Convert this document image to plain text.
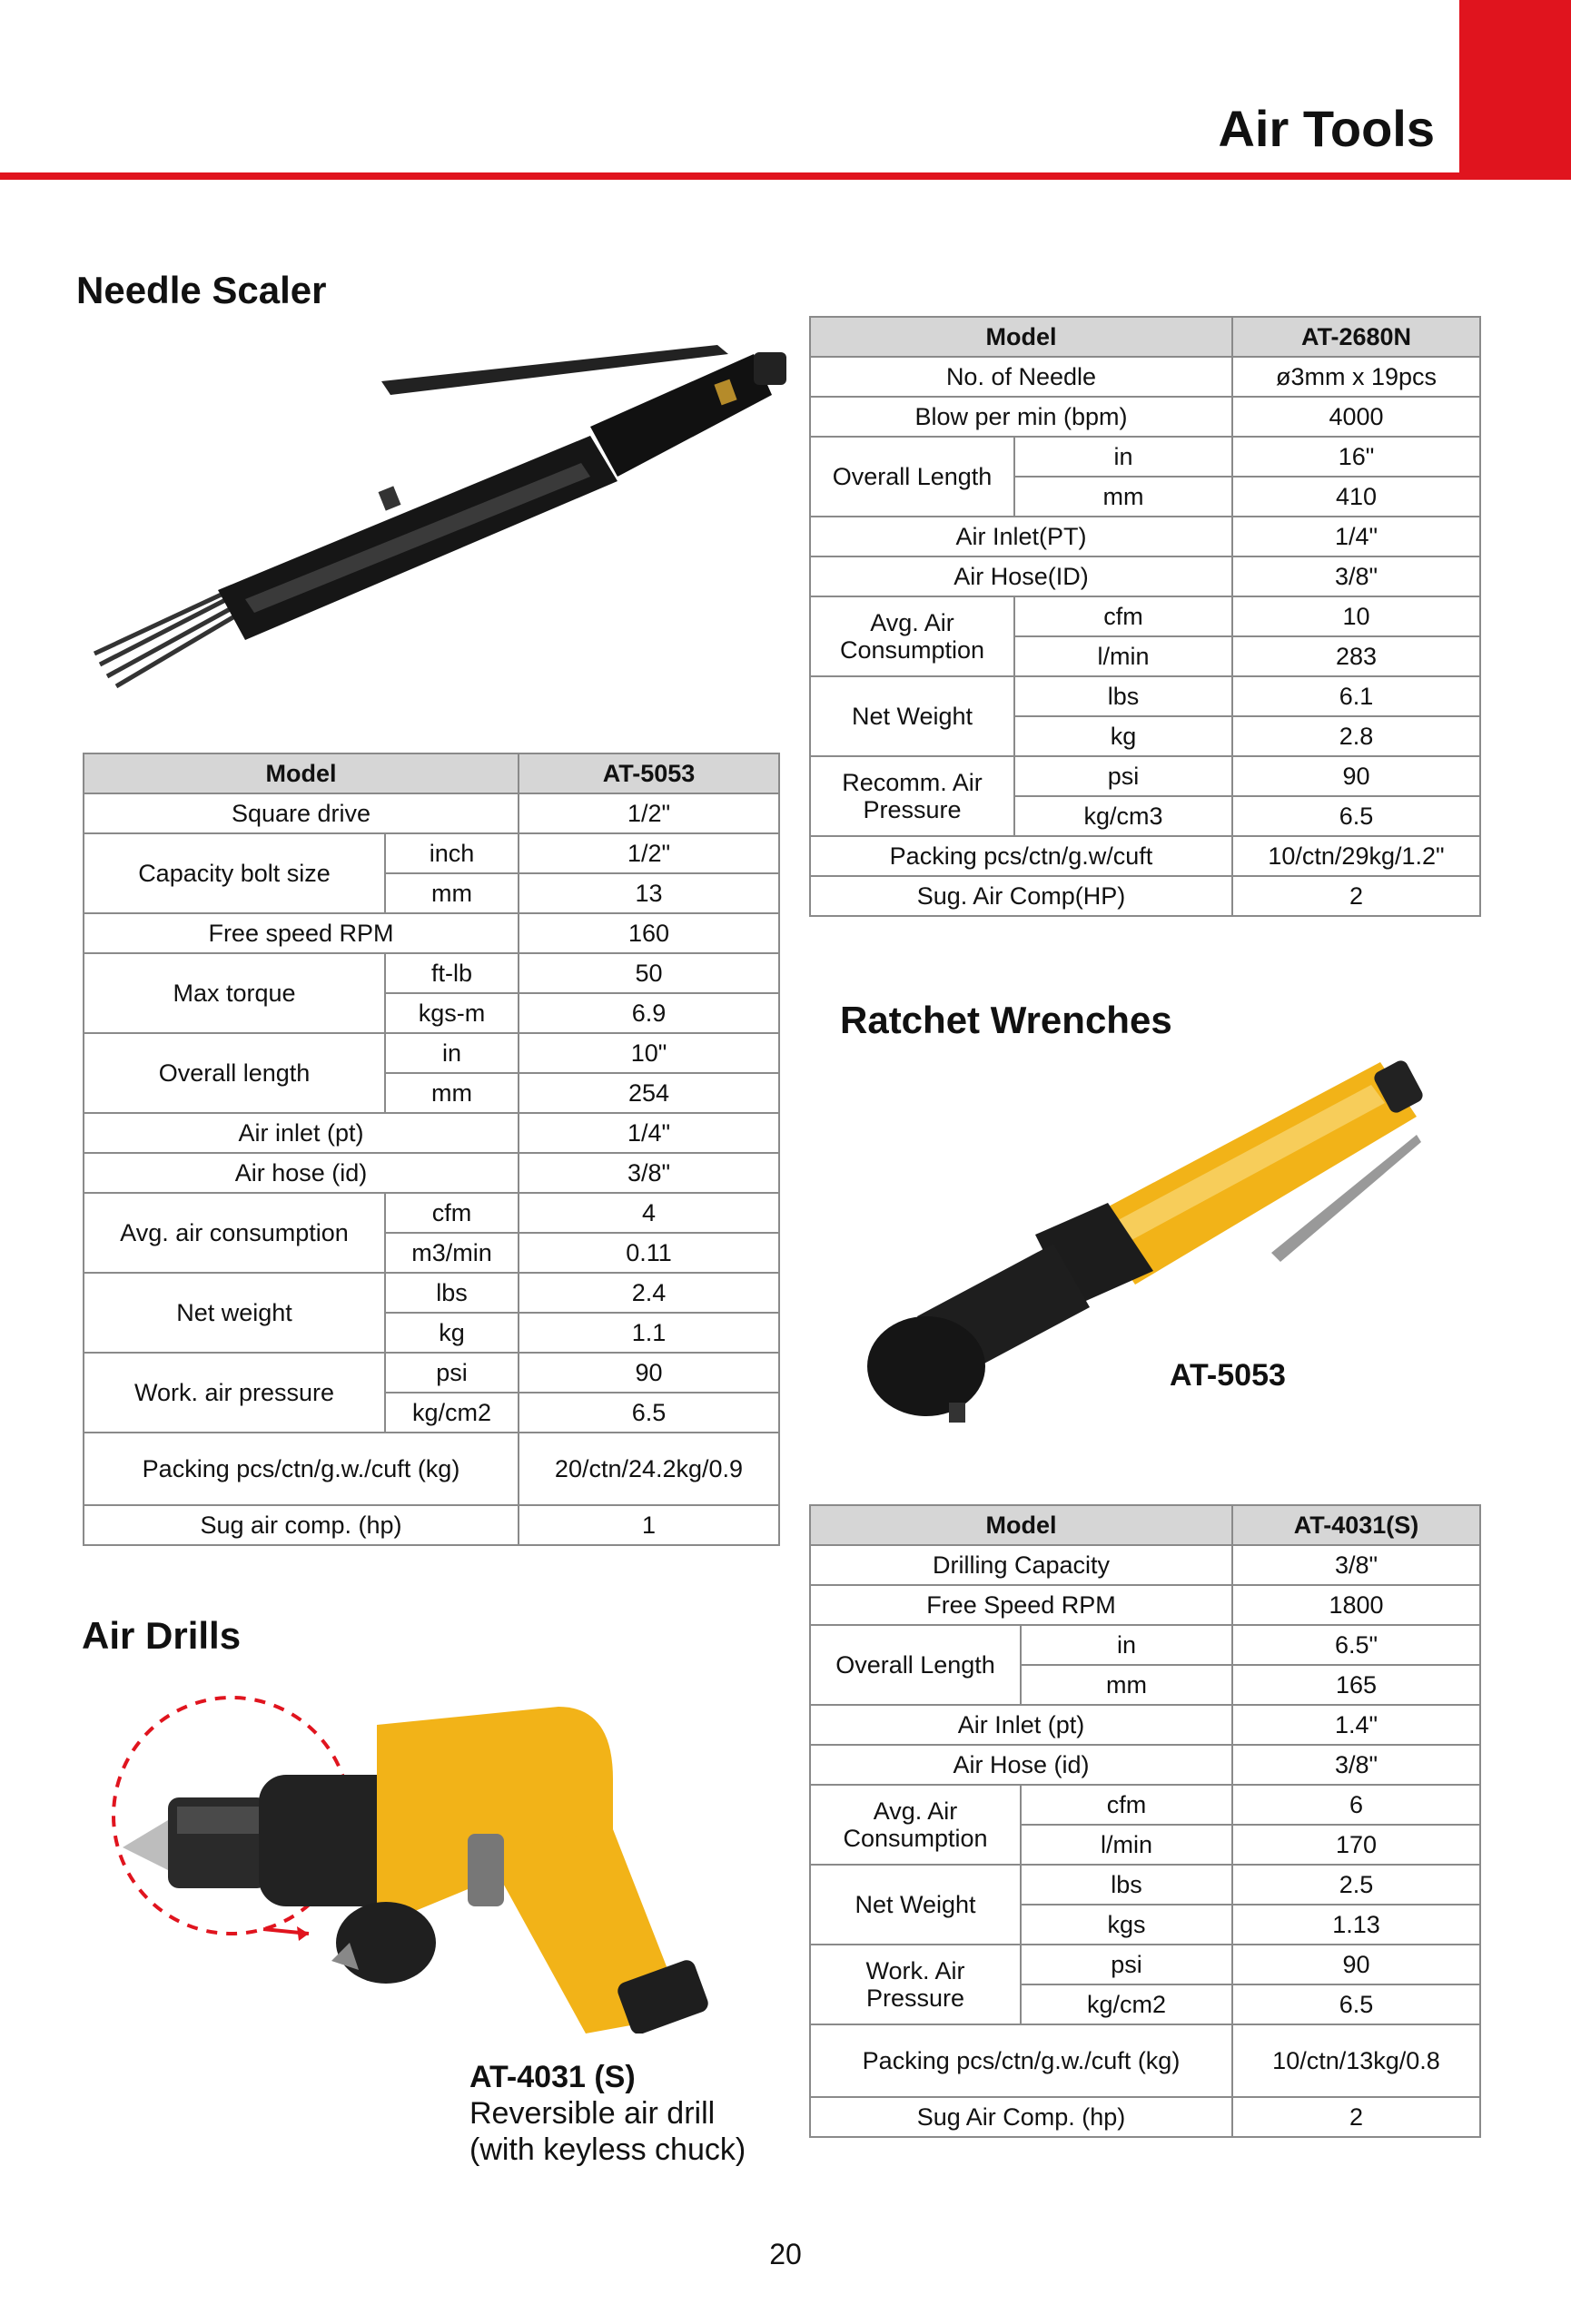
Air Tools
Needle Scaler
Model		AT-2680N
No. of Needle		ø3mm x 19pcs
Blow per min (bpm)		4000
Overall Length	in	16"
	mm	410
Air Inlet(PT)		1/4"
Air Hose(ID)		3/8"
Avg. Air Consumption	cfm	10
	l/min	283
Net Weight	lbs	6.1
	kg	2.8
Recomm. Air Pressure	psi	90
	kg/cm3	6.5
Packing pcs/ctn/g.w/cuft		10/ctn/29kg/1.2"
Sug. Air Comp(HP)		2
Model		AT-5053
Square drive		1/2"
Capacity bolt size	inch	1/2"
	mm	13
Free speed RPM		160
Max torque	ft-lb	50
	kgs-m	6.9
Overall length	in	10"
	mm	254
Air inlet (pt)		1/4"
Air hose (id)		3/8"
Avg. air consumption	cfm	4
	m3/min	0.11
Net weight	lbs	2.4
	kg	1.1
Work. air pressure	psi	90
	kg/cm2	6.5
Packing pcs/ctn/g.w./cuft (kg)		20/ctn/24.2kg/0.9
Sug air comp. (hp)		1
Ratchet Wrenches
AT-5053
Air Drills
AT-4031 (S)
Reversible air drill
(with keyless chuck)
Model		AT-4031(S)
Drilling Capacity		3/8"
Free Speed RPM		1800
Overall Length	in	6.5"
	mm	165
Air Inlet (pt)		1.4"
Air Hose (id)		3/8"
Avg. Air Consumption	cfm	6
	l/min	170
Net Weight	lbs	2.5
	kgs	1.13
Work. Air Pressure	psi	90
	kg/cm2	6.5
Packing pcs/ctn/g.w./cuft (kg)		10/ctn/13kg/0.8
Sug Air Comp. (hp)		2
20
